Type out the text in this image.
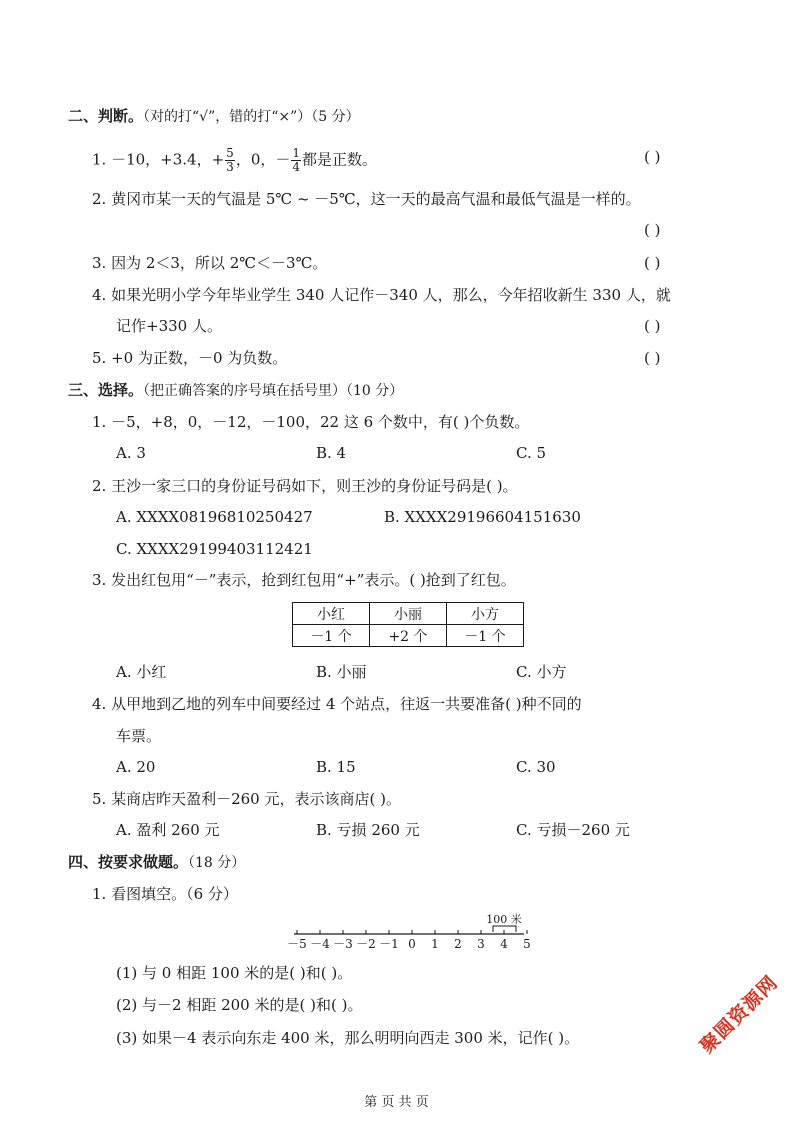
二、判断。（对的打“√”，错的打“×”）（5 分）
1. －10，+3.4，+ $\frac{5}{3}$ ，0，－ $\frac{1}{4}$ 都是正数。	( )
2. 黄冈市某一天的气温是 5℃ ~ －5℃，这一天的最高气温和最低气温是一样的。
( )
3. 因为 2＜3，所以 2℃＜－3℃。	( )
4. 如果光明小学今年毕业学生 340 人记作－340 人，那么，今年招收新生 330 人，就
记作+330 人。	( )
5. +0 为正数，－0 为负数。	( )
三、选择。（把正确答案的序号填在括号里）（10 分）
1. －5，+8，0，－12，－100，22 这 6 个数中，有( )个负数。
A. 3	B. 4	C. 5
2. 王沙一家三口的身份证号码如下，则王沙的身份证号码是( )。
A. XXXX08196810250427	B. XXXX29196604151630
C. XXXX29199403112421
3. 发出红包用“－”表示，抢到红包用“+”表示。( )抢到了红包。
小红	小丽	小方
－1 个	+2 个	－1 个
A. 小红	B. 小丽	C. 小方
4. 从甲地到乙地的列车中间要经过 4 个站点，往返一共要准备( )种不同的
车票。
A. 20	B. 15	C. 30
5. 某商店昨天盈利－260 元，表示该商店( )。
A. 盈利 260 元	B. 亏损 260 元	C. 亏损－260 元
四、按要求做题。（18 分）
1. 看图填空。（6 分）
－5 －4 －3 －2 －1 0 1 2 3 4 5
100 米
(1) 与 0 相距 100 米的是( )和( )。
(2) 与－2 相距 200 米的是( )和( )。
(3) 如果－4 表示向东走 400 米，那么明明向西走 300 米，记作( )。	聚圆资源网
第 页 共 页
